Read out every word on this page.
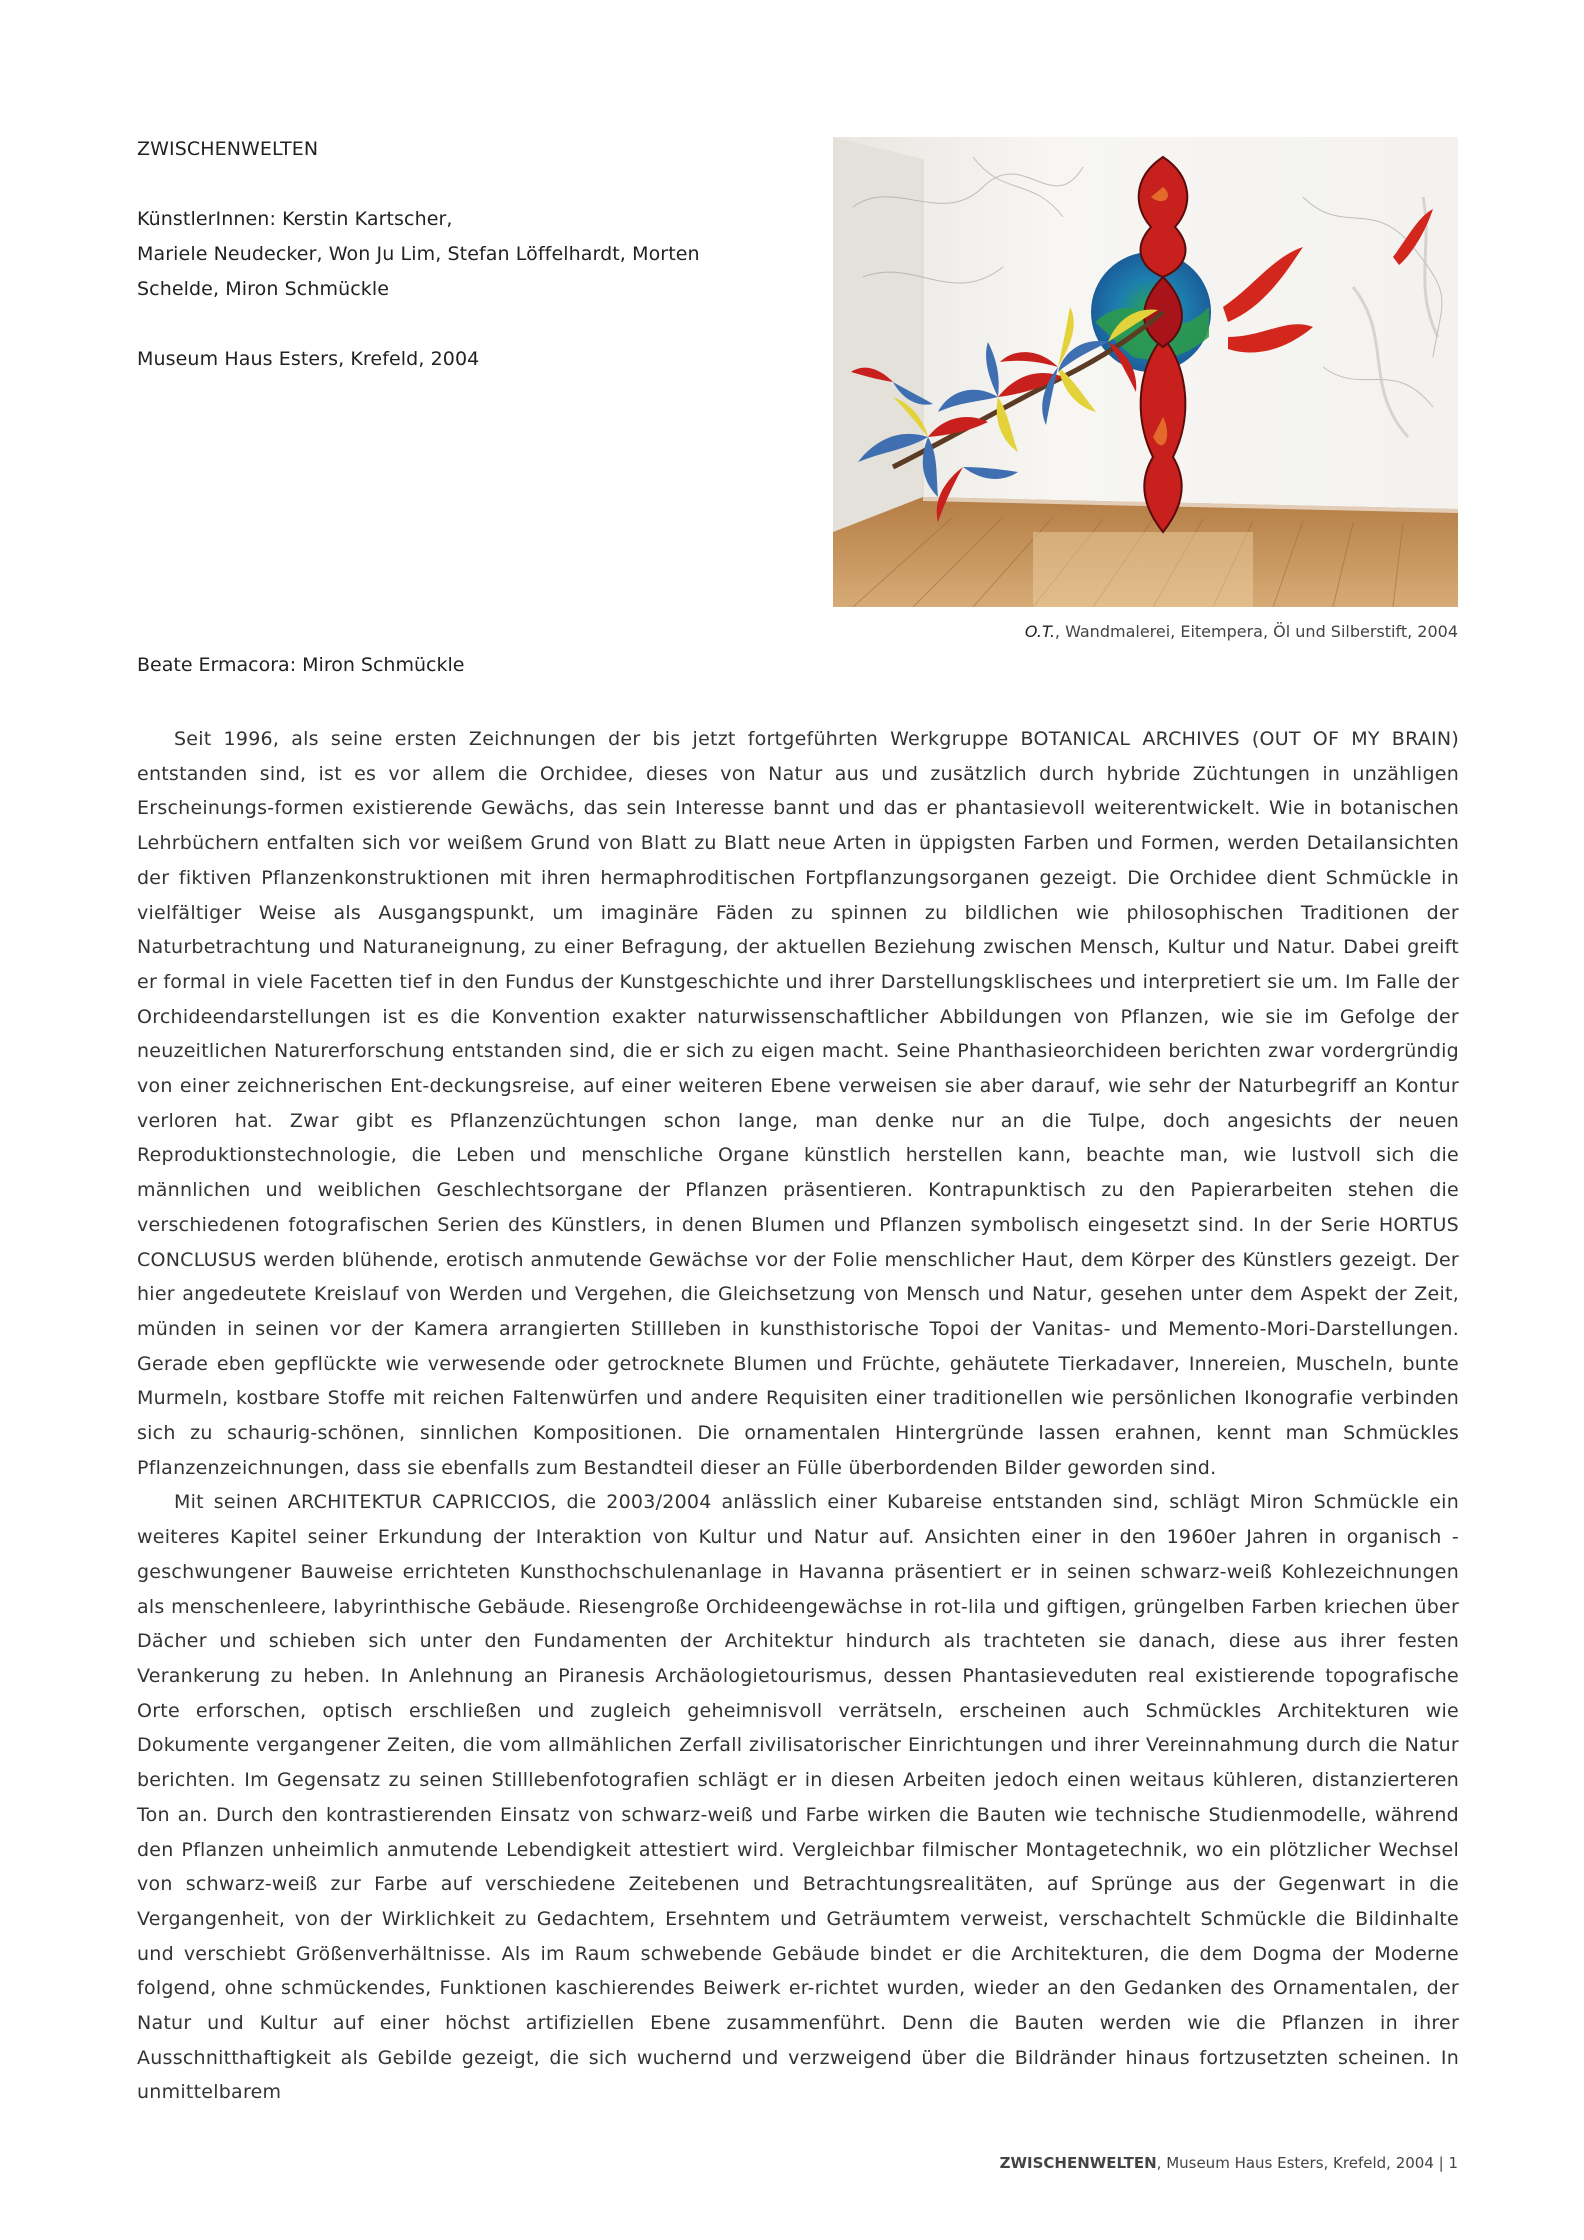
ZWISCHENWELTEN

KünstlerInnen: Kerstin Kartscher,

Mariele Neudecker, Won Ju Lim, Stefan Löffelhardt, Morten

Schelde, Miron Schmückle

Museum Haus Esters, Krefeld, 2004

O.T., Wandmalerei, Eitempera, Öl und Silberstift, 2004

Beate Ermacora: Miron Schmückle

Seit 1996, als seine ersten Zeichnungen der bis jetzt fortgeführten Werkgruppe BOTANICAL ARCHIVES (OUT OF MY BRAIN) entstanden sind, ist es vor allem die Orchidee, dieses von Natur aus und zusätzlich durch hybride Züchtungen in unzähligen Erscheinungs-formen existierende Gewächs, das sein Interesse bannt und das er phantasievoll weiterentwickelt. Wie in botanischen Lehrbüchern entfalten sich vor weißem Grund von Blatt zu Blatt neue Arten in üppigsten Farben und Formen, werden Detailansichten der fiktiven Pflanzenkonstruktionen mit ihren hermaphroditischen Fortpflanzungsorganen gezeigt. Die Orchidee dient Schmückle in vielfältiger Weise als Ausgangspunkt, um imaginäre Fäden zu spinnen zu bildlichen wie philosophischen Traditionen der Naturbetrachtung und Naturaneignung, zu einer Befragung, der aktuellen Beziehung zwischen Mensch, Kultur und Natur. Dabei greift er formal in viele Facetten tief in den Fundus der Kunstgeschichte und ihrer Darstellungsklischees und interpretiert sie um. Im Falle der Orchideendarstellungen ist es die Konvention exakter naturwissenschaftlicher Abbildungen von Pflanzen, wie sie im Gefolge der neuzeitlichen Naturerforschung entstanden sind, die er sich zu eigen macht. Seine Phanthasieorchideen berichten zwar vordergründig von einer zeichnerischen Ent-deckungsreise, auf einer weiteren Ebene verweisen sie aber darauf, wie sehr der Naturbegriff an Kontur verloren hat. Zwar gibt es Pflanzenzüchtungen schon lange, man denke nur an die Tulpe, doch angesichts der neuen Reproduktionstechnologie, die Leben und menschliche Organe künstlich herstellen kann, beachte man, wie lustvoll sich die männlichen und weiblichen Geschlechtsorgane der Pflanzen präsentieren. Kontrapunktisch zu den Papierarbeiten stehen die verschiedenen fotografischen Serien des Künstlers, in denen Blumen und Pflanzen symbolisch eingesetzt sind. In der Serie HORTUS CONCLUSUS werden blühende, erotisch anmutende Gewächse vor der Folie menschlicher Haut, dem Körper des Künstlers gezeigt. Der hier angedeutete Kreislauf von Werden und Vergehen, die Gleichsetzung von Mensch und Natur, gesehen unter dem Aspekt der Zeit, münden in seinen vor der Kamera arrangierten Stillleben in kunsthistorische Topoi der Vanitas- und Memento-Mori-Darstellungen. Gerade eben gepflückte wie verwesende oder getrocknete Blumen und Früchte, gehäutete Tierkadaver, Innereien, Muscheln, bunte Murmeln, kostbare Stoffe mit reichen Faltenwürfen und andere Requisiten einer traditionellen wie persönlichen Ikonografie verbinden sich zu schaurig-schönen, sinnlichen Kompositionen. Die ornamentalen Hintergründe lassen erahnen, kennt man Schmückles Pflanzenzeichnungen, dass sie ebenfalls zum Bestandteil dieser an Fülle überbordenden Bilder geworden sind.

Mit seinen ARCHITEKTUR CAPRICCIOS, die 2003/2004 anlässlich einer Kubareise entstanden sind, schlägt Miron Schmückle ein weiteres Kapitel seiner Erkundung der Interaktion von Kultur und Natur auf. Ansichten einer in den 1960er Jahren in organisch - geschwungener Bauweise errichteten Kunsthochschulenanlage in Havanna präsentiert er in seinen schwarz-weiß Kohlezeichnungen als menschenleere, labyrinthische Gebäude. Riesengroße Orchideengewächse in rot-lila und giftigen, grüngelben Farben kriechen über Dächer und schieben sich unter den Fundamenten der Architektur hindurch als trachteten sie danach, diese aus ihrer festen Verankerung zu heben. In Anlehnung an Piranesis Archäologietourismus, dessen Phantasieveduten real existierende topografische Orte erforschen, optisch erschließen und zugleich geheimnisvoll verrätseln, erscheinen auch Schmückles Architekturen wie Dokumente vergangener Zeiten, die vom allmählichen Zerfall zivilisatorischer Einrichtungen und ihrer Vereinnahmung durch die Natur berichten. Im Gegensatz zu seinen Stilllebenfotografien schlägt er in diesen Arbeiten jedoch einen weitaus kühleren, distanzierteren Ton an. Durch den kontrastierenden Einsatz von schwarz-weiß und Farbe wirken die Bauten wie technische Studienmodelle, während den Pflanzen unheimlich anmutende Lebendigkeit attestiert wird. Vergleichbar filmischer Montagetechnik, wo ein plötzlicher Wechsel von schwarz-weiß zur Farbe auf verschiedene Zeitebenen und Betrachtungsrealitäten, auf Sprünge aus der Gegenwart in die Vergangenheit, von der Wirklichkeit zu Gedachtem, Ersehntem und Geträumtem verweist, verschachtelt Schmückle die Bildinhalte und verschiebt Größenverhältnisse. Als im Raum schwebende Gebäude bindet er die Architekturen, die dem Dogma der Moderne folgend, ohne schmückendes, Funktionen kaschierendes Beiwerk er-richtet wurden, wieder an den Gedanken des Ornamentalen, der Natur und Kultur auf einer höchst artifiziellen Ebene zusammenführt. Denn die Bauten werden wie die Pflanzen in ihrer Ausschnitthaftigkeit als Gebilde gezeigt, die sich wuchernd und verzweigend über die Bildränder hinaus fortzusetzten scheinen. In unmittelbarem

ZWISCHENWELTEN, Museum Haus Esters, Krefeld, 2004 | 1
